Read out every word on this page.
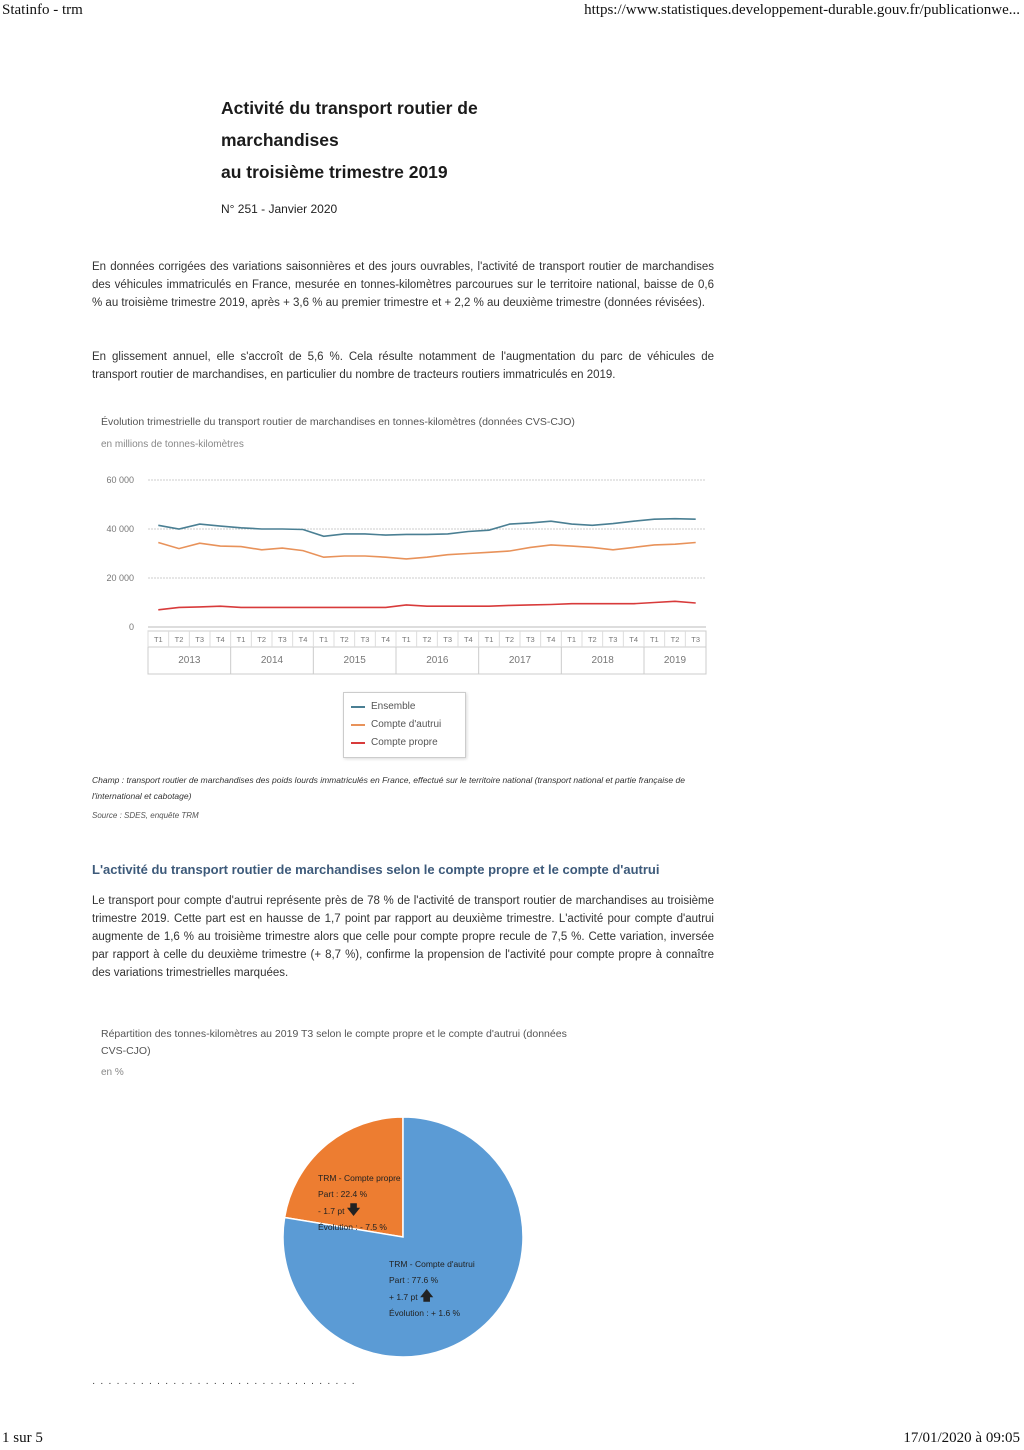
Statinfo - trm	https://www.statistiques.developpement-durable.gouv.fr/publicationwe...
Activité du transport routier de
marchandises
au troisième trimestre 2019
N° 251 - Janvier 2020
En données corrigées des variations saisonnières et des jours ouvrables, l'activité de transport routier de marchandises des véhicules immatriculés en France, mesurée en tonnes-kilomètres parcourues sur le territoire national, baisse de 0,6 % au troisième trimestre 2019, après + 3,6 % au premier trimestre et + 2,2 % au deuxième trimestre (données révisées).
En glissement annuel, elle s'accroît de 5,6 %. Cela résulte notamment de l'augmentation du parc de véhicules de transport routier de marchandises, en particulier du nombre de tracteurs routiers immatriculés en 2019.
Évolution trimestrielle du transport routier de marchandises en tonnes-kilomètres (données CVS-CJO)
en millions de tonnes-kilomètres
0
20 000
40 000
60 000
T1 T2 T3 T4 T1 T2 T3 T4 T1 T2 T3 T4 T1 T2 T3 T4 T1 T2 T3 T4 T1 T2 T3 T4 T1 T2 T3
2013	2014	2015	2016	2017	2018	2019
Ensemble
Compte d'autrui
Compte propre
Champ : transport routier de marchandises des poids lourds immatriculés en France, effectué sur le territoire national (transport national et partie française de l'international et cabotage)
Source : SDES, enquête TRM
L'activité du transport routier de marchandises selon le compte propre et le compte d'autrui
Le transport pour compte d'autrui représente près de 78 % de l'activité de transport routier de marchandises au troisième trimestre 2019. Cette part est en hausse de 1,7 point par rapport au deuxième trimestre. L'activité pour compte d'autrui augmente de 1,6 % au troisième trimestre alors que celle pour compte propre recule de 7,5 %. Cette variation, inversée par rapport à celle du deuxième trimestre (+ 8,7 %), confirme la propension de l'activité pour compte propre à connaître des variations trimestrielles marquées.
Répartition des tonnes-kilomètres au 2019 T3 selon le compte propre et le compte d'autrui (données
CVS-CJO)
en %
TRM - Compte propre
Part : 22.4 %
- 1.7 pt 🡇
Évolution : - 7.5 %
TRM - Compte d'autrui
Part : 77.6 %
+ 1.7 pt 🡅
Évolution : + 1.6 %
· · · · · · · · · · · · · · · · · · · · · · · · · · · · · · · · ·
1 sur 5	17/01/2020 à 09:05
